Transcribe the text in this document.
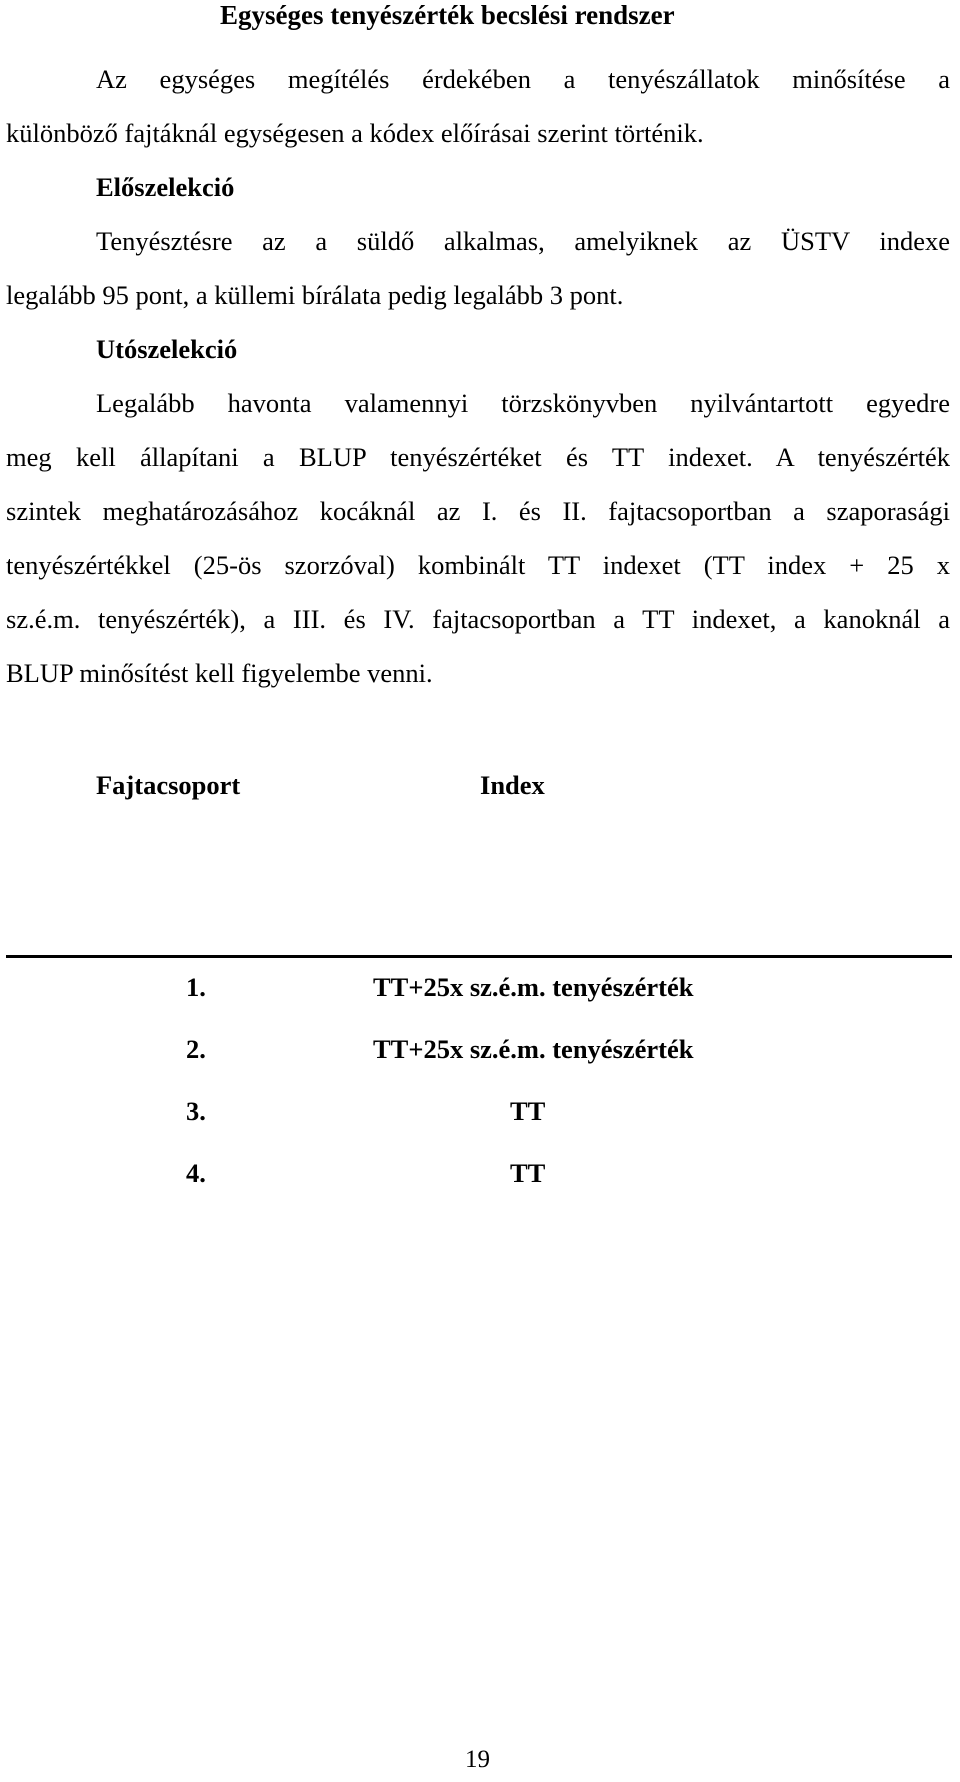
Egységes tenyészérték becslési rendszer
Az egységes megítélés érdekében a tenyészállatok minősítése a
különböző fajtáknál egységesen a kódex előírásai szerint történik.
Előszelekció
Tenyésztésre az a süldő alkalmas, amelyiknek az ÜSTV indexe
legalább 95 pont, a küllemi bírálata pedig legalább 3 pont.
Utószelekció
Legalább havonta valamennyi törzskönyvben nyilvántartott egyedre
meg kell állapítani a BLUP tenyészértéket és TT indexet. A tenyészérték
szintek meghatározásához kocáknál az I. és II. fajtacsoportban a szaporasági
tenyészértékkel (25-ös szorzóval) kombinált TT indexet (TT index + 25 x
sz.é.m. tenyészérték), a III. és IV. fajtacsoportban a TT indexet, a kanoknál a
BLUP minősítést kell figyelembe venni.
Fajtacsoport	Index
1.	TT+25x sz.é.m. tenyészérték
2.	TT+25x sz.é.m. tenyészérték
3.	TT
4.	TT
19
